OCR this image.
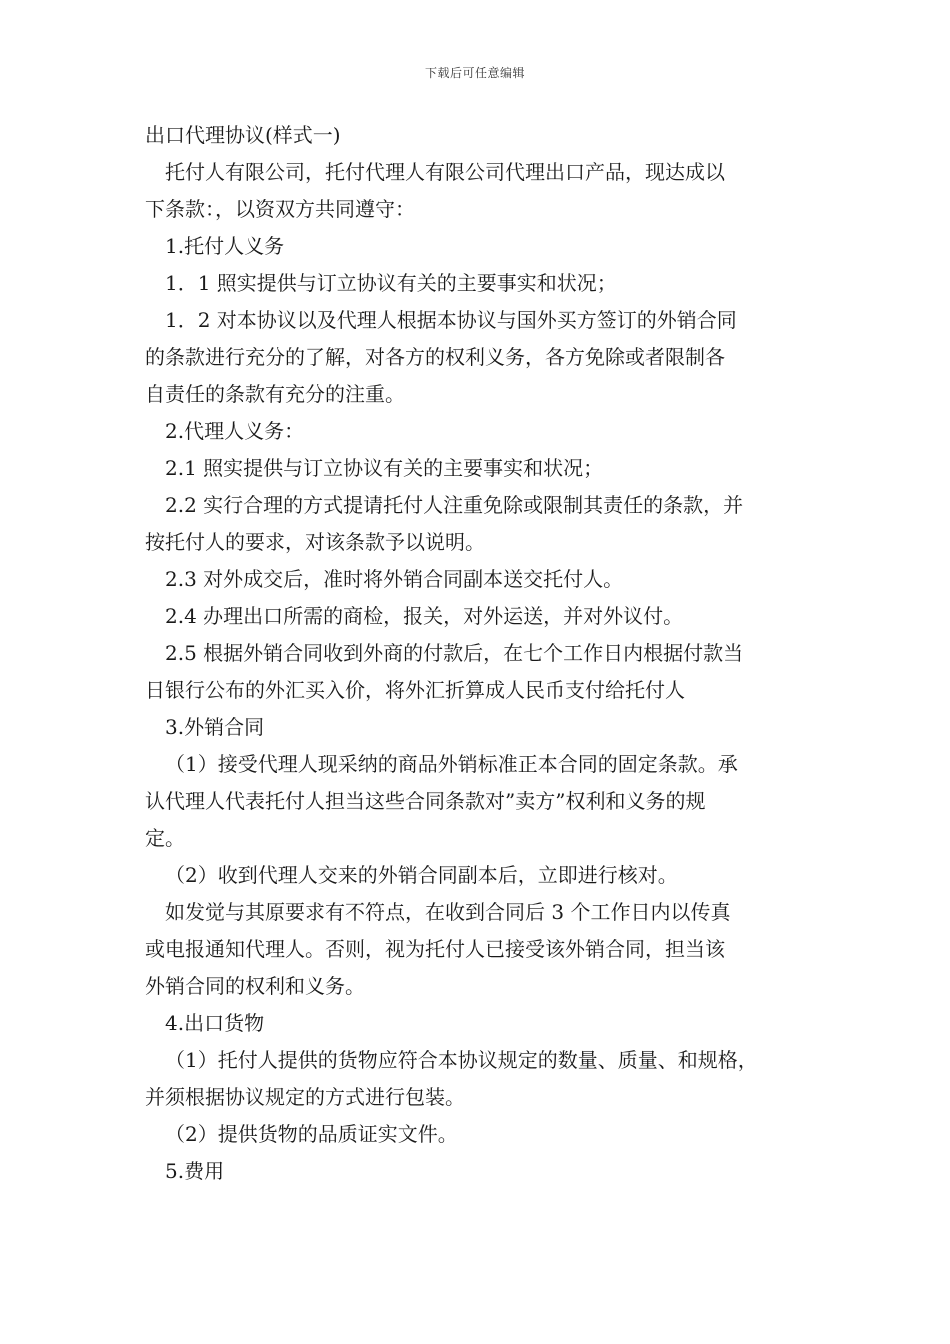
下载后可任意编辑
出口代理协议(样式一)
托付人有限公司，托付代理人有限公司代理出口产品，现达成以
下条款：，以资双方共同遵守：
1.托付人义务
1．1 照实提供与订立协议有关的主要事实和状况；
1．2 对本协议以及代理人根据本协议与国外买方签订的外销合同
的条款进行充分的了解，对各方的权利义务，各方免除或者限制各
自责任的条款有充分的注重。
2.代理人义务：
2.1 照实提供与订立协议有关的主要事实和状况；
2.2 实行合理的方式提请托付人注重免除或限制其责任的条款，并
按托付人的要求，对该条款予以说明。
2.3 对外成交后，准时将外销合同副本送交托付人。
2.4 办理出口所需的商检，报关，对外运送，并对外议付。
2.5 根据外销合同收到外商的付款后，在七个工作日内根据付款当
日银行公布的外汇买入价，将外汇折算成人民币支付给托付人
3.外销合同
（1）接受代理人现采纳的商品外销标准正本合同的固定条款。承
认代理人代表托付人担当这些合同条款对”卖方”权利和义务的规
定。
（2）收到代理人交来的外销合同副本后，立即进行核对。
如发觉与其原要求有不符点，在收到合同后 3 个工作日内以传真
或电报通知代理人。否则，视为托付人已接受该外销合同，担当该
外销合同的权利和义务。
4.出口货物
（1）托付人提供的货物应符合本协议规定的数量、质量、和规格，
并须根据协议规定的方式进行包装。
（2）提供货物的品质证实文件。
5.费用
